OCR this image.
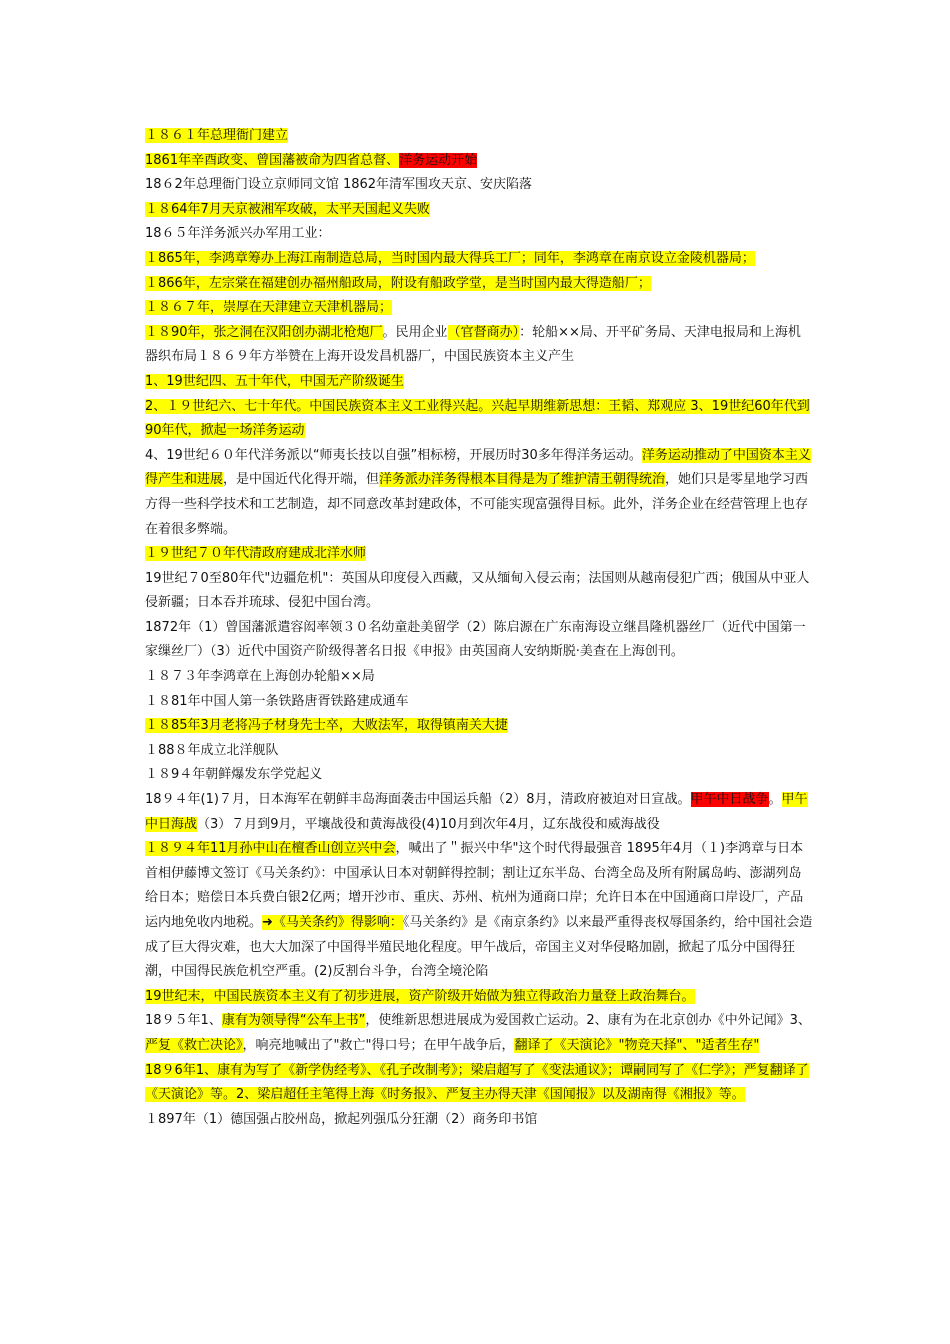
１８６１年总理衙门建立

1861年辛酉政变、曾国藩被命为四省总督、洋务运动开始

18６2年总理衙门设立京师同文馆 1862年清军围攻天京、安庆陷落

１８64年7月天京被湘军攻破，太平天国起义失败

18６５年洋务派兴办军用工业：

１865年，李鸿章筹办上海江南制造总局，当时国内最大得兵工厂；同年，李鸿章在南京设立金陵机器局；

１866年，左宗棠在福建创办福州船政局，附设有船政学堂，是当时国内最大得造船厂；

１８６７年，崇厚在天津建立天津机器局；

１８90年，张之洞在汉阳创办湖北枪炮厂。民用企业（官督商办）：轮船××局、开平矿务局、天津电报局和上海机器织布局１８６９年方举赞在上海开设发昌机器厂，中国民族资本主义产生

1、19世纪四、五十年代，中国无产阶级诞生

2、１９世纪六、七十年代。中国民族资本主义工业得兴起。兴起早期维新思想：王韬、郑观应 3、19世纪60年代到90年代，掀起一场洋务运动

4、19世纪６０年代洋务派以“师夷长技以自强”相标榜，开展历时30多年得洋务运动。洋务运动推动了中国资本主义得产生和进展，是中国近代化得开端，但洋务派办洋务得根本目得是为了维护清王朝得统治，她们只是零星地学习西方得一些科学技术和工艺制造，却不同意改革封建政体，不可能实现富强得目标。此外，洋务企业在经营管理上也存在着很多弊端。

１９世纪７０年代清政府建成北洋水师

19世纪７0至80年代"边疆危机"：英国从印度侵入西藏，又从缅甸入侵云南；法国则从越南侵犯广西；俄国从中亚人侵新疆；日本吞并琉球、侵犯中国台湾。

1872年（1）曾国藩派遣容闳率领３０名幼童赴美留学（2）陈启源在广东南海设立继昌隆机器丝厂（近代中国第一家缫丝厂）（3）近代中国资产阶级得著名日报《申报》由英国商人安纳斯脱·美查在上海创刊。

１８７３年李鸿章在上海创办轮船××局

１８81年中国人第一条铁路唐胥铁路建成通车

１８85年3月老将冯子材身先士卒，大败法军，取得镇南关大捷

１88８年成立北洋舰队

１８9４年朝鲜爆发东学党起义

18９４年(1)７月，日本海军在朝鲜丰岛海面袭击中国运兵船（2）8月，清政府被迫对日宣战。甲午中日战争。甲午中日海战（3）７月到9月，平壤战役和黄海战役(4)10月到次年4月，辽东战役和威海战役

１８９４年11月孙中山在檀香山创立兴中会，喊出了＂振兴中华"这个时代得最强音 1895年4月（１)李鸿章与日本首相伊藤博文签订《马关条约》：中国承认日本对朝鲜得控制；割让辽东半岛、台湾全岛及所有附属岛屿、澎湖列岛给日本；赔偿日本兵费白银2亿两；增开沙市、重庆、苏州、杭州为通商口岸；允许日本在中国通商口岸设厂，产品运内地免收内地税。➜《马关条约》得影响：《马关条约》是《南京条约》以来最严重得丧权辱国条约，给中国社会造成了巨大得灾难，也大大加深了中国得半殖民地化程度。甲午战后，帝国主义对华侵略加剧，掀起了瓜分中国得狂潮，中国得民族危机空严重。(2)反割台斗争，台湾全境沦陷

19世纪末，中国民族资本主义有了初步进展，资产阶级开始做为独立得政治力量登上政治舞台。

18９５年1、康有为领导得“公车上书”，使维新思想进展成为爱国救亡运动。2、康有为在北京创办《中外记闻》3、严复《救亡决论》，响亮地喊出了"救亡"得口号；在甲午战争后，翻译了《天演论》"物竞天择"、"适者生存"

18９6年1、康有为写了《新学伪经考》、《孔子改制考》；梁启超写了《变法通议》；谭嗣同写了《仁学》；严复翻译了《天演论》等。2、梁启超任主笔得上海《时务报》、严复主办得天津《国闻报》以及湖南得《湘报》等。

１897年（1）德国强占胶州岛，掀起列强瓜分狂潮（2）商务印书馆
